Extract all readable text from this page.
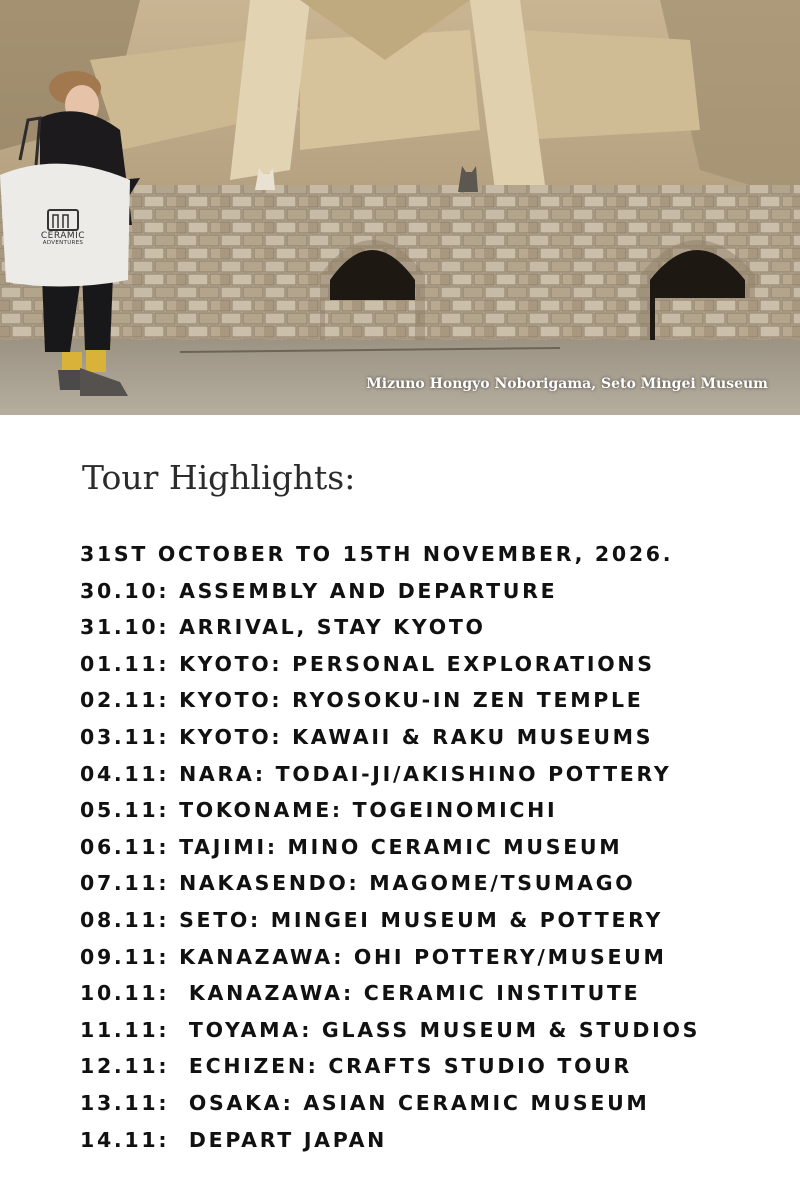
CERAMIC
ADVENTURES
Mizuno Hongyo Noborigama, Seto Mingei Museum
Tour Highlights:
31ST OCTOBER TO 15TH NOVEMBER, 2026.
30.10: ASSEMBLY AND DEPARTURE
31.10: ARRIVAL, STAY KYOTO
01.11: KYOTO: PERSONAL EXPLORATIONS
02.11: KYOTO: RYOSOKU-IN ZEN TEMPLE
03.11: KYOTO: KAWAII & RAKU MUSEUMS
04.11: NARA: TODAI-JI/AKISHINO POTTERY
05.11: TOKONAME: TOGEINOMICHI
06.11: TAJIMI: MINO CERAMIC MUSEUM
07.11: NAKASENDO: MAGOME/TSUMAGO
08.11: SETO: MINGEI MUSEUM & POTTERY
09.11: KANAZAWA: OHI POTTERY/MUSEUM
10.11:  KANAZAWA: CERAMIC INSTITUTE
11.11:  TOYAMA: GLASS MUSEUM & STUDIOS
12.11:  ECHIZEN: CRAFTS STUDIO TOUR
13.11:  OSAKA: ASIAN CERAMIC MUSEUM
14.11:  DEPART JAPAN
